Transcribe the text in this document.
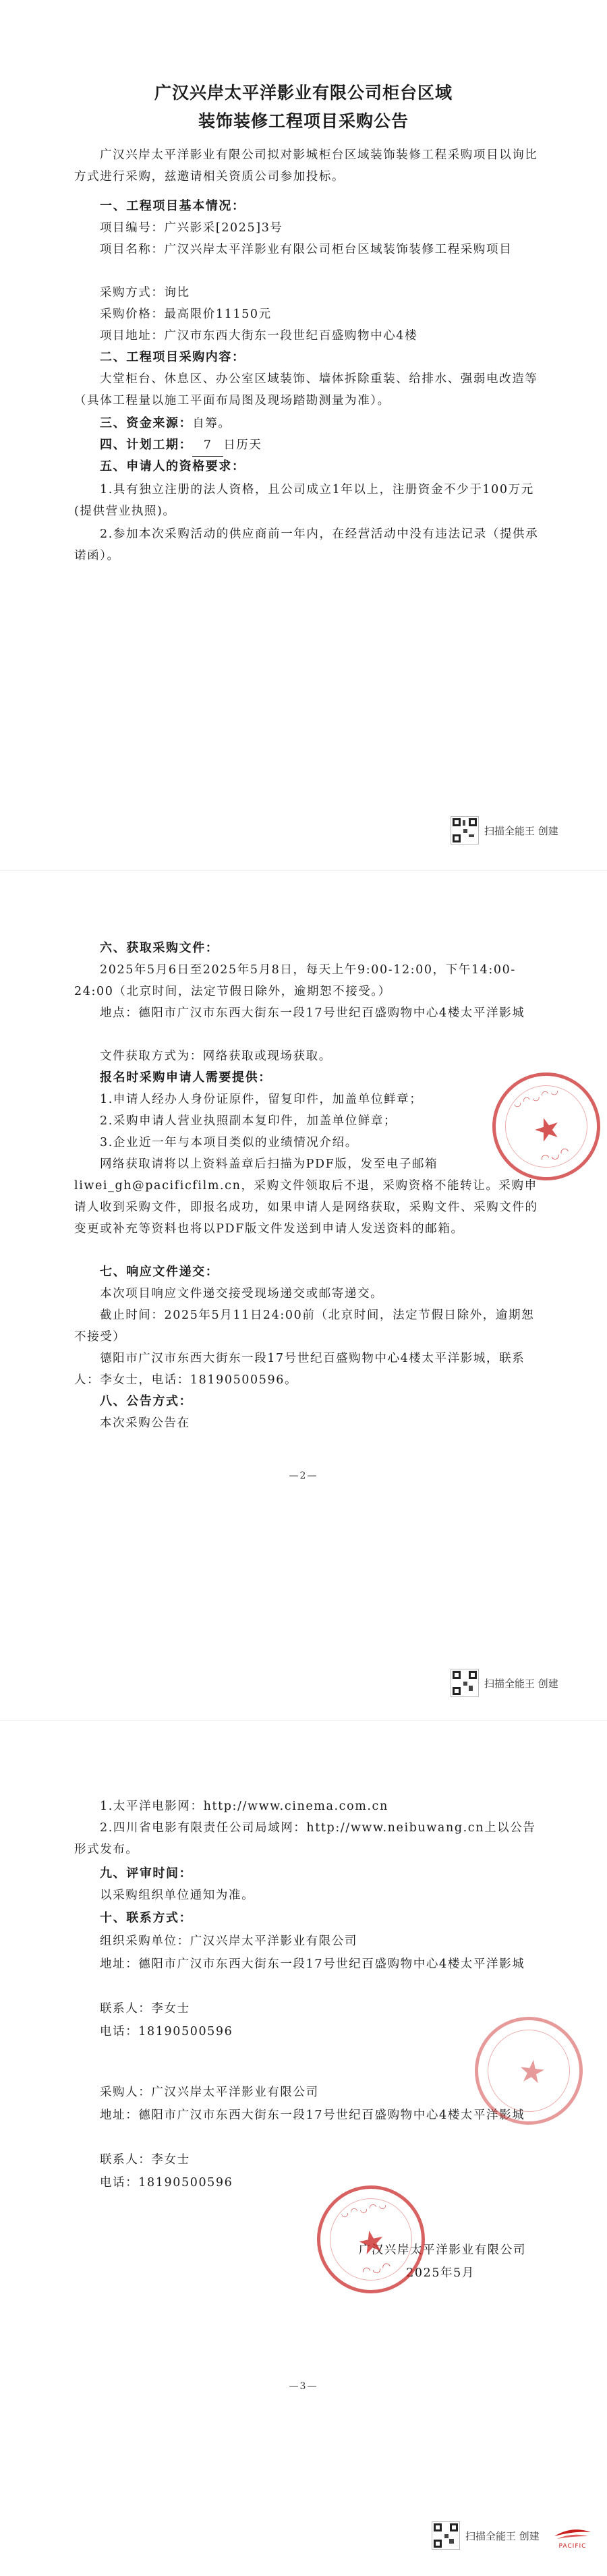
广汉兴岸太平洋影业有限公司柜台区域
装饰装修工程项目采购公告
广汉兴岸太平洋影业有限公司拟对影城柜台区域装饰装修工程采购项目以询比方式进行采购，兹邀请相关资质公司参加投标。
一、工程项目基本情况：
项目编号：广兴影采[2025]3号
项目名称：广汉兴岸太平洋影业有限公司柜台区域装饰装修工程采购项目
采购方式：询比
采购价格：最高限价11150元
项目地址：广汉市东西大街东一段世纪百盛购物中心4楼
二、工程项目采购内容：
大堂柜台、休息区、办公室区域装饰、墙体拆除重装、给排水、强弱电改造等（具体工程量以施工平面布局图及现场踏勘测量为准）。
三、资金来源：自筹。
四、计划工期： 7 日历天
五、申请人的资格要求：
1.具有独立注册的法人资格，且公司成立1年以上，注册资金不少于100万元(提供营业执照)。
2.参加本次采购活动的供应商前一年内，在经营活动中没有违法记录（提供承诺函）。
扫描全能王 创建
六、获取采购文件：
2025年5月6日至2025年5月8日，每天上午9:00-12:00，下午14:00-24:00（北京时间，法定节假日除外，逾期恕不接受。）
地点：德阳市广汉市东西大街东一段17号世纪百盛购物中心4楼太平洋影城
文件获取方式为：网络获取或现场获取。
报名时采购申请人需要提供：
1.申请人经办人身份证原件，留复印件，加盖单位鲜章；
2.采购申请人营业执照副本复印件，加盖单位鲜章；
3.企业近一年与本项目类似的业绩情况介绍。
网络获取请将以上资料盖章后扫描为PDF版，发至电子邮箱liwei_gh@pacificfilm.cn，采购文件领取后不退，采购资格不能转让。采购申请人收到采购文件，即报名成功，如果申请人是网络获取，采购文件、采购文件的变更或补充等资料也将以PDF版文件发送到申请人发送资料的邮箱。
◡◠◡◠◡
★
◠◡◠
七、响应文件递交：
本次项目响应文件递交接受现场递交或邮寄递交。
截止时间：2025年5月11日24:00前（北京时间，法定节假日除外，逾期恕不接受）
德阳市广汉市东西大街东一段17号世纪百盛购物中心4楼太平洋影城，联系人：李女士，电话：18190500596。
八、公告方式：
本次采购公告在
—2—
扫描全能王 创建
1.太平洋电影网：http://www.cinema.com.cn
2.四川省电影有限责任公司局域网：http://www.neibuwang.cn上以公告形式发布。
九、评审时间：
以采购组织单位通知为准。
十、联系方式：
组织采购单位：广汉兴岸太平洋影业有限公司
地址：德阳市广汉市东西大街东一段17号世纪百盛购物中心4楼太平洋影城
联系人：李女士
电话：18190500596
采购人：广汉兴岸太平洋影业有限公司
地址：德阳市广汉市东西大街东一段17号世纪百盛购物中心4楼太平洋影城
联系人：李女士
电话：18190500596
★
广汉兴岸太平洋影业有限公司
2025年5月
◡◠◡◠◡
★
◠◡◠
—3—
扫描全能王 创建
PACIFIC
